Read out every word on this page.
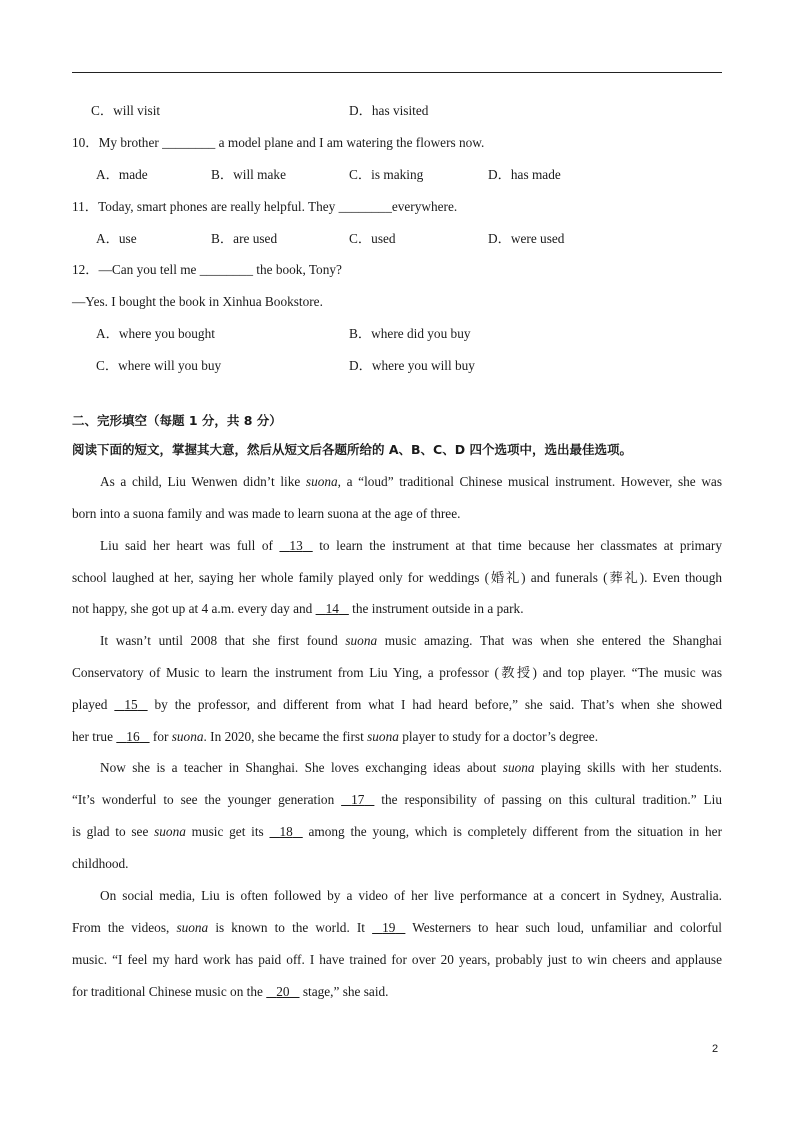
C．will visit	D．has visited
10．My brother ________ a model plane and I am watering the flowers now.
A．made	B．will make	C．is making	D．has made
11．Today, smart phones are really helpful. They ________everywhere.
A．use	B．are used	C．used	D．were used
12．—Can you tell me ________ the book, Tony?
—Yes. I bought the book in Xinhua Bookstore.
A．where you bought	B．where did you buy
C．where will you buy	D．where you will buy
二、完形填空（每题 1 分，共 8 分）
阅读下面的短文，掌握其大意，然后从短文后各题所给的 A、B、C、D 四个选项中，选出最佳选项。
As a child, Liu Wenwen didn’t like suona, a “loud” traditional Chinese musical instrument. However, she was
born into a suona family and was made to learn suona at the age of three.
Liu said her heart was full of    13    to learn the instrument at that time because her classmates at primary
school laughed at her, saying her whole family played only for weddings (婚礼) and funerals (葬礼). Even though
not happy, she got up at 4 a.m. every day and    14    the instrument outside in a park.
It wasn’t until 2008 that she first found suona music amazing. That was when she entered the Shanghai
Conservatory of Music to learn the instrument from Liu Ying, a professor (教授) and top player. “The music was
played    15    by the professor, and different from what I had heard before,” she said. That’s when she showed
her true    16    for suona. In 2020, she became the first suona player to study for a doctor’s degree.
Now she is a teacher in Shanghai. She loves exchanging ideas about suona playing skills with her students.
“It’s wonderful to see the younger generation    17    the responsibility of passing on this cultural tradition.” Liu
is glad to see suona music get its    18    among the young, which is completely different from the situation in her
childhood.
On social media, Liu is often followed by a video of her live performance at a concert in Sydney, Australia.
From the videos, suona is known to the world. It    19    Westerners to hear such loud, unfamiliar and colorful
music. “I feel my hard work has paid off. I have trained for over 20 years, probably just to win cheers and applause
for traditional Chinese music on the    20    stage,” she said.
2
